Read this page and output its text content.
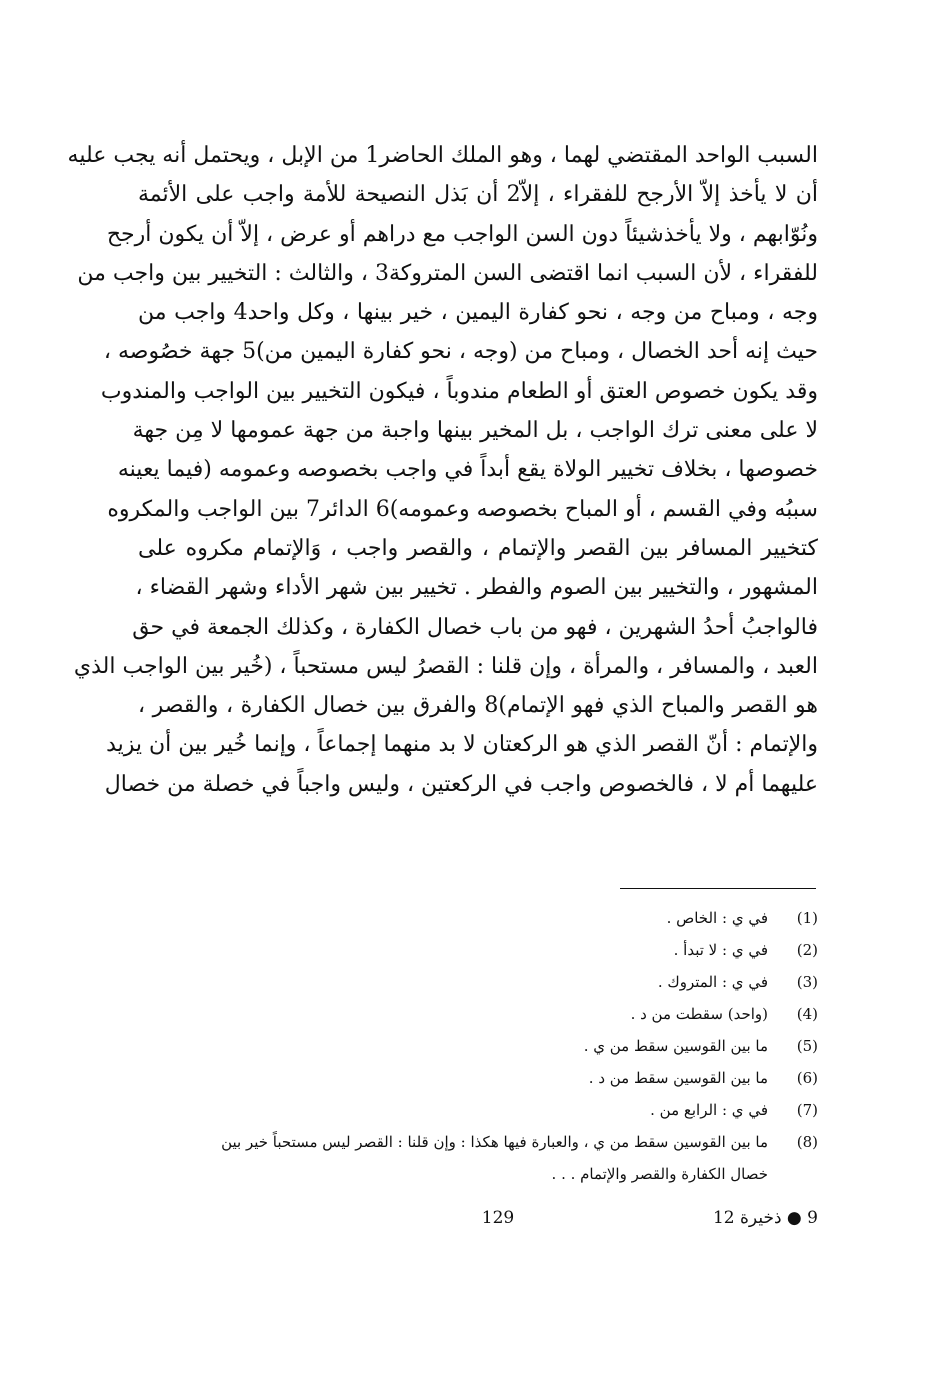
السبب الواحد المقتضي لهما ، وهو الملك الحاضر1 من الإبل ، ويحتمل أنه يجب عليه
أن لا يأخذ إلاّ الأرجح للفقراء ، إلاّ2 أن بَذل النصيحة للأمة واجب على الأئمة
ونُوّابهم ، ولا يأخذشيئاً دون السن الواجب مع دراهم أو عرض ، إلاّ أن يكون أرجح
للفقراء ، لأن السبب انما اقتضى السن المتروكة3 ، والثالث : التخيير بين واجب من
وجه ، ومباح من وجه ، نحو كفارة اليمين ، خير بينها ، وكل واحد4 واجب من
حيث إنه أحد الخصال ، ومباح من (وجه ، نحو كفارة اليمين من)5 جهة خصُوصه ،
وقد يكون خصوص العتق أو الطعام مندوباً ، فيكون التخيير بين الواجب والمندوب
لا على معنى ترك الواجب ، بل المخير بينها واجبة من جهة عمومها لا مِن جهة
خصوصها ، بخلاف تخيير الولاة يقع أبداً في واجب بخصوصه وعمومه (فيما يعينه
سببُه وفي القسم ، أو المباح بخصوصه وعمومه)6 الدائر7 بين الواجب والمكروه
كتخيير المسافر بين القصر والإتمام ، والقصر واجب ، وَالإتمام مكروه على
المشهور ، والتخيير بين الصوم والفطر . تخيير بين شهر الأداء وشهر القضاء ،
فالواجبُ أحدُ الشهرين ، فهو من باب خصال الكفارة ، وكذلك الجمعة في حق
العبد ، والمسافر ، والمرأة ، وإن قلنا : القصرُ ليس مستحباً ، (خُير بين الواجب الذي
هو القصر والمباح الذي فهو الإتمام)8 والفرق بين خصال الكفارة ، والقصر ،
والإتمام : أنّ القصر الذي هو الركعتان لا بد منهما إجماعاً ، وإنما خُير بين أن يزيد
عليهما أم لا ، فالخصوص واجب في الركعتين ، وليس واجباً في خصلة من خصال
(1)
في ي : الخاص .
(2)
في ي : لا تبدأ .
(3)
في ي : المتروك .
(4)
(واحد) سقطت من د .
(5)
ما بين القوسين سقط من ي .
(6)
ما بين القوسين سقط من د .
(7)
في ي : الرابع من .
(8)
ما بين القوسين سقط من ي ، والعبارة فيها هكذا : وإن قلنا : القصر ليس مستحباً خير بين
خصال الكفارة والقصر والإتمام . . .
129	9 ● ذخيرة 12
